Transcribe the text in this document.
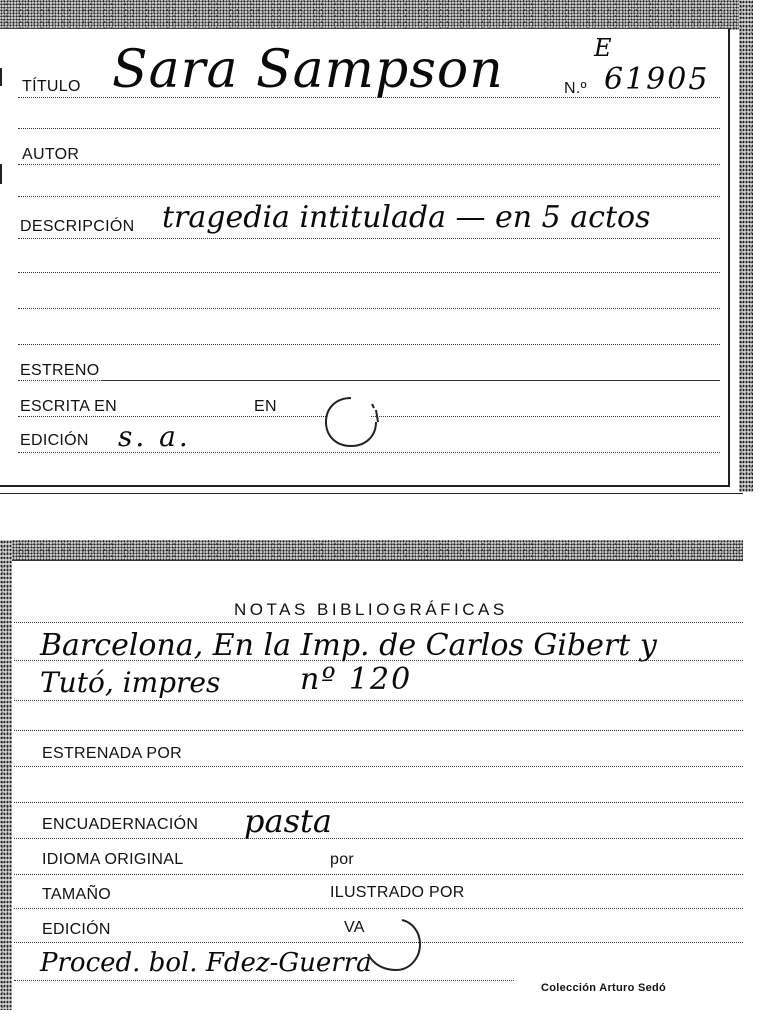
TÍTULO Sara Sampson	N.º
E
61905
AUTOR
DESCRIPCIÓN tragedia intitulada — en 5 actos
ESTRENO
ESCRITA EN	EN
EDICIÓN s. a.
NOTAS BIBLIOGRÁFICAS
Barcelona, En la Imp. de Carlos Gibert y
Tutó, impres	nº 120
ESTRENADA POR
ENCUADERNACIÓN pasta
IDIOMA ORIGINAL	por
TAMAÑO	ILUSTRADO POR
EDICIÓN	VA
Proced. bol. Fdez-Guerra
Colección Arturo Sedó
